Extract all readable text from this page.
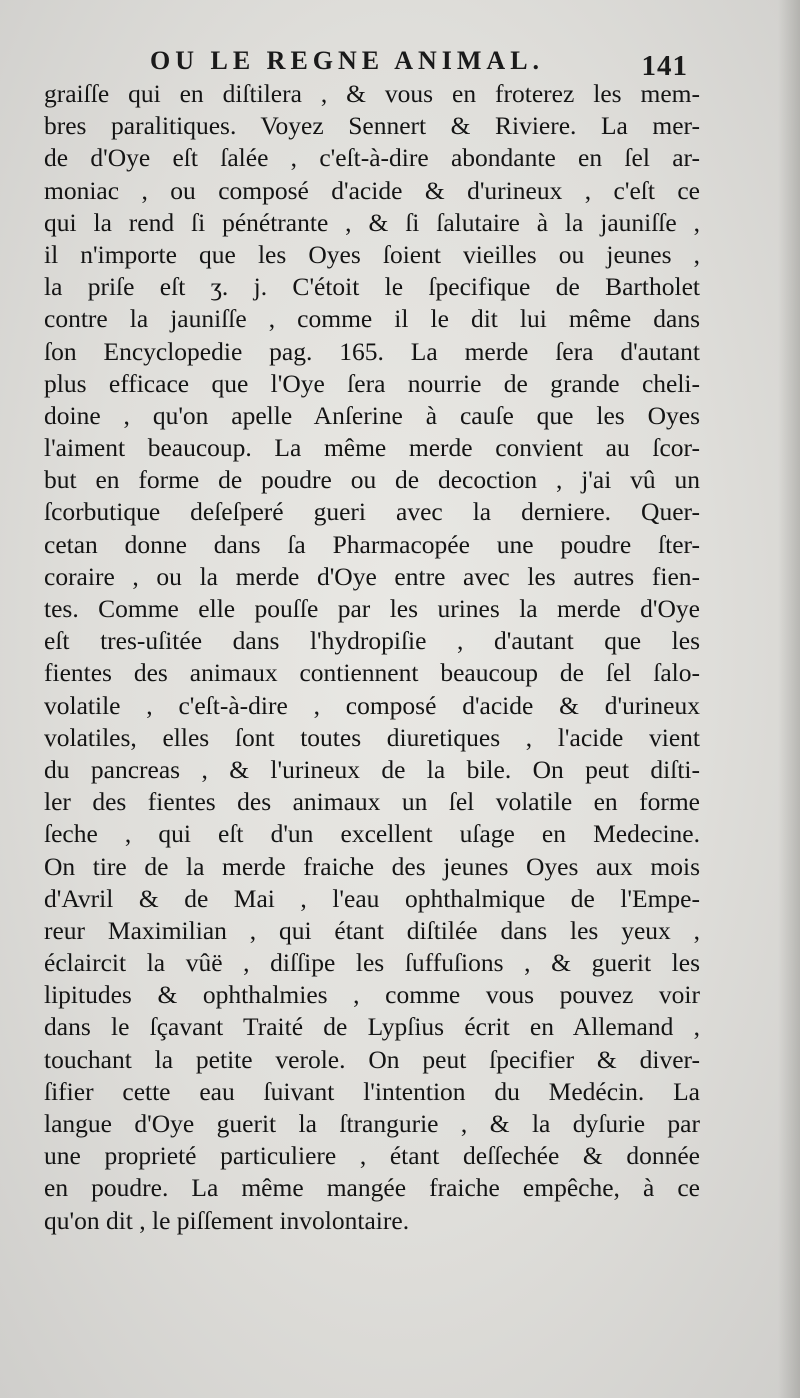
OU LE REGNE ANIMAL.	141
graiſſe qui en diſtilera , & vous en froterez les mem-
bres paralitiques. Voyez Sennert & Riviere. La mer-
de d'Oye eſt ſalée , c'eſt-à-dire abondante en ſel ar-
moniac , ou composé d'acide & d'urineux , c'eſt ce
qui la rend ſi pénétrante , & ſi ſalutaire à la jauniſſe ,
il n'importe que les Oyes ſoient vieilles ou jeunes ,
la priſe eſt ʒ. j. C'étoit le ſpecifique de Bartholet
contre la jauniſſe , comme il le dit lui même dans
ſon Encyclopedie pag. 165. La merde ſera d'autant
plus efficace que l'Oye ſera nourrie de grande cheli-
doine , qu'on apelle Anſerine à cauſe que les Oyes
l'aiment beaucoup. La même merde convient au ſcor-
but en forme de poudre ou de decoction , j'ai vû un
ſcorbutique deſeſperé gueri avec la derniere. Quer-
cetan donne dans ſa Pharmacopée une poudre ſter-
coraire , ou la merde d'Oye entre avec les autres fien-
tes. Comme elle pouſſe par les urines la merde d'Oye
eſt tres-uſitée dans l'hydropiſie , d'autant que les
fientes des animaux contiennent beaucoup de ſel ſalo-
volatile , c'eſt-à-dire , composé d'acide & d'urineux
volatiles, elles ſont toutes diuretiques , l'acide vient
du pancreas , & l'urineux de la bile. On peut diſti-
ler des fientes des animaux un ſel volatile en forme
ſeche , qui eſt d'un excellent uſage en Medecine.
On tire de la merde fraiche des jeunes Oyes aux mois
d'Avril & de Mai , l'eau ophthalmique de l'Empe-
reur Maximilian , qui étant diſtilée dans les yeux ,
éclaircit la vûë , diſſipe les ſuffuſions , & guerit les
lipitudes & ophthalmies , comme vous pouvez voir
dans le ſçavant Traité de Lypſius écrit en Allemand ,
touchant la petite verole. On peut ſpecifier & diver-
ſifier cette eau ſuivant l'intention du Medécin. La
langue d'Oye guerit la ſtrangurie , & la dyſurie par
une proprieté particuliere , étant deſſechée & donnée
en poudre. La même mangée fraiche empêche, à ce
qu'on dit , le piſſement involontaire.
